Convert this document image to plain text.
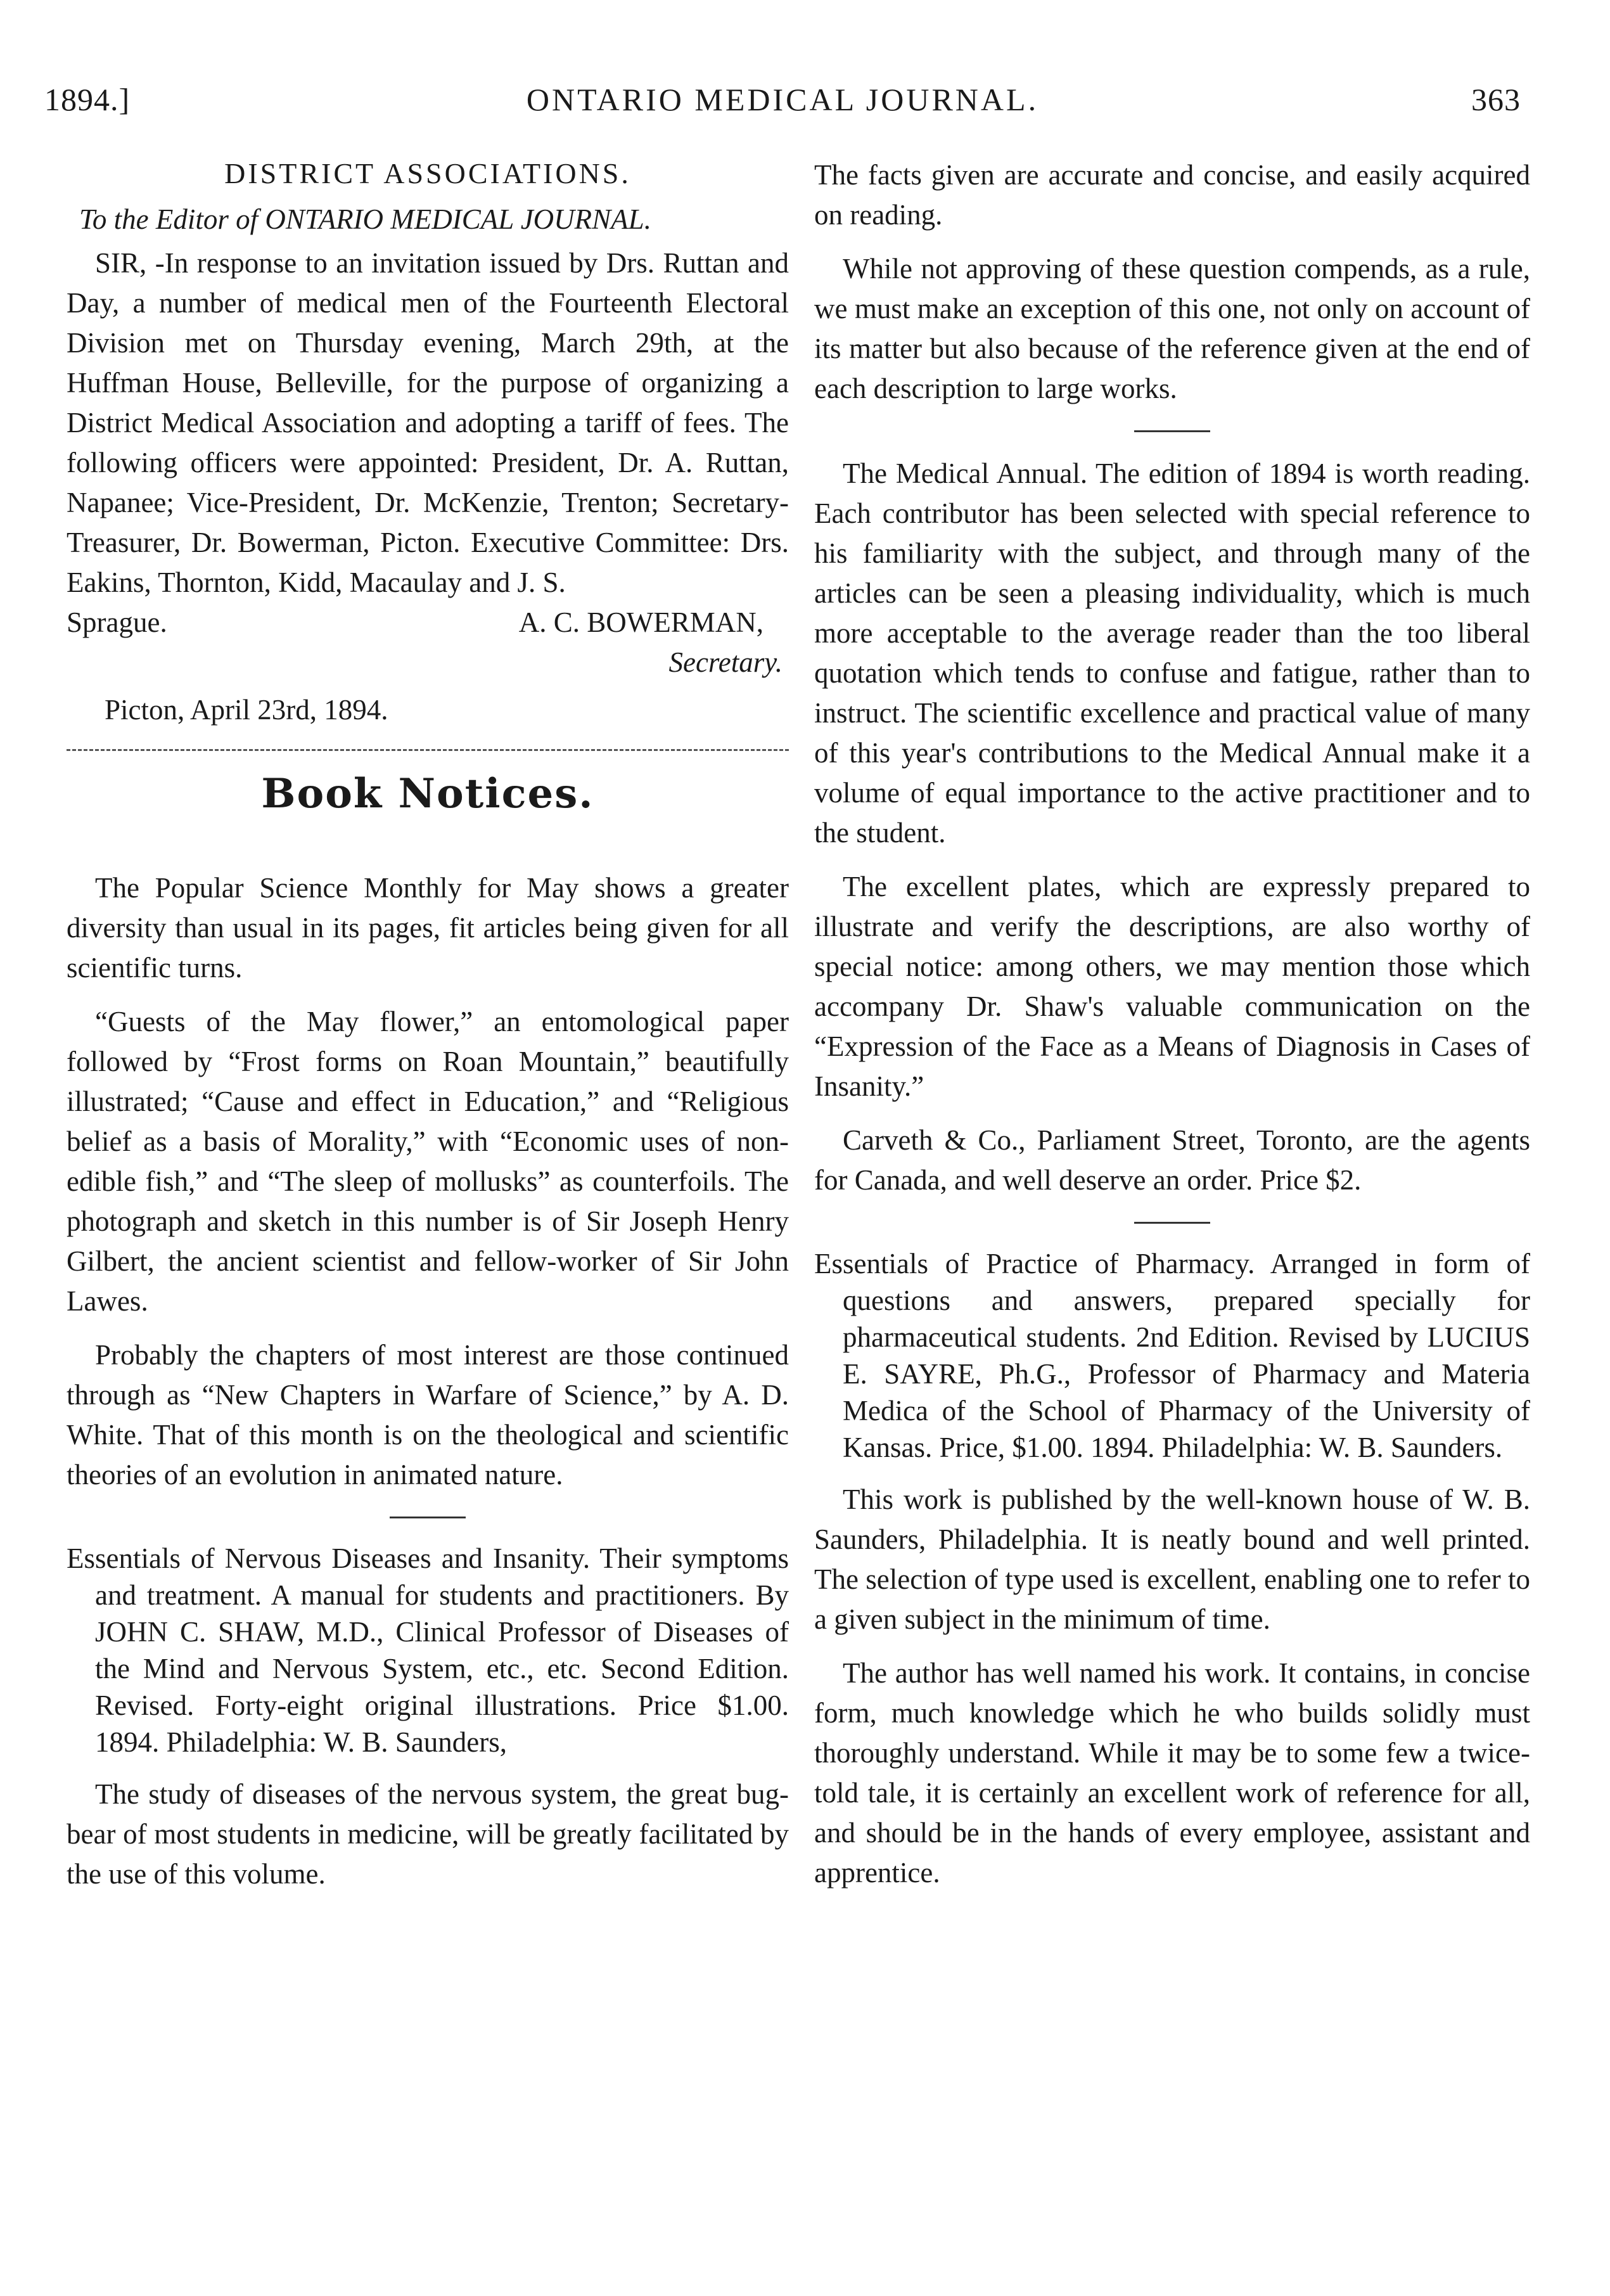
1894.]	ONTARIO MEDICAL JOURNAL.	363
DISTRICT ASSOCIATIONS.

To the Editor of ONTARIO MEDICAL JOURNAL.

SIR, -In response to an invitation issued by Drs. Ruttan and Day, a number of medical men of the Fourteenth Electoral Division met on Thursday evening, March 29th, at the Huffman House, Belleville, for the purpose of organizing a District Medical Association and adopting a tariff of fees. The following officers were appointed: President, Dr. A. Ruttan, Napanee; Vice-President, Dr. McKenzie, Trenton; Secretary-Treasurer, Dr. Bowerman, Picton. Executive Committee: Drs. Eakins, Thornton, Kidd, Macaulay and J. S.

Sprague.	A. C. BOWERMAN,
Secretary.

Picton, April 23rd, 1894.

Book Notices.

The Popular Science Monthly for May shows a greater diversity than usual in its pages, fit articles being given for all scientific turns.

“Guests of the May flower,” an entomological paper followed by “Frost forms on Roan Mountain,” beautifully illustrated; “Cause and effect in Education,” and “Religious belief as a basis of Morality,” with “Economic uses of non-edible fish,” and “The sleep of mollusks” as counterfoils. The photograph and sketch in this number is of Sir Joseph Henry Gilbert, the ancient scientist and fellow-worker of Sir John Lawes.

Probably the chapters of most interest are those continued through as “New Chapters in Warfare of Science,” by A. D. White. That of this month is on the theological and scientific theories of an evolution in animated nature.

Essentials of Nervous Diseases and Insanity. Their symptoms and treatment. A manual for students and practitioners. By JOHN C. SHAW, M.D., Clinical Professor of Diseases of the Mind and Nervous System, etc., etc. Second Edition. Revised. Forty-eight original illustrations. Price $1.00. 1894. Philadelphia: W. B. Saunders,

The study of diseases of the nervous system, the great bug-bear of most students in medicine, will be greatly facilitated by the use of this volume.

The facts given are accurate and concise, and easily acquired on reading.

While not approving of these question compends, as a rule, we must make an exception of this one, not only on account of its matter but also because of the reference given at the end of each description to large works.

The Medical Annual. The edition of 1894 is worth reading. Each contributor has been selected with special reference to his familiarity with the subject, and through many of the articles can be seen a pleasing individuality, which is much more acceptable to the average reader than the too liberal quotation which tends to confuse and fatigue, rather than to instruct. The scientific excellence and practical value of many of this year's contributions to the Medical Annual make it a volume of equal importance to the active practitioner and to the student.

The excellent plates, which are expressly prepared to illustrate and verify the descriptions, are also worthy of special notice: among others, we may mention those which accompany Dr. Shaw's valuable communication on the “Expression of the Face as a Means of Diagnosis in Cases of Insanity.”

Carveth & Co., Parliament Street, Toronto, are the agents for Canada, and well deserve an order. Price $2.

Essentials of Practice of Pharmacy. Arranged in form of questions and answers, prepared specially for pharmaceutical students. 2nd Edition. Revised by LUCIUS E. SAYRE, Ph.G., Professor of Pharmacy and Materia Medica of the School of Pharmacy of the University of Kansas. Price, $1.00. 1894. Philadelphia: W. B. Saunders.

This work is published by the well-known house of W. B. Saunders, Philadelphia. It is neatly bound and well printed. The selection of type used is excellent, enabling one to refer to a given subject in the minimum of time.

The author has well named his work. It contains, in concise form, much knowledge which he who builds solidly must thoroughly understand. While it may be to some few a twice-told tale, it is certainly an excellent work of reference for all, and should be in the hands of every employee, assistant and apprentice.
